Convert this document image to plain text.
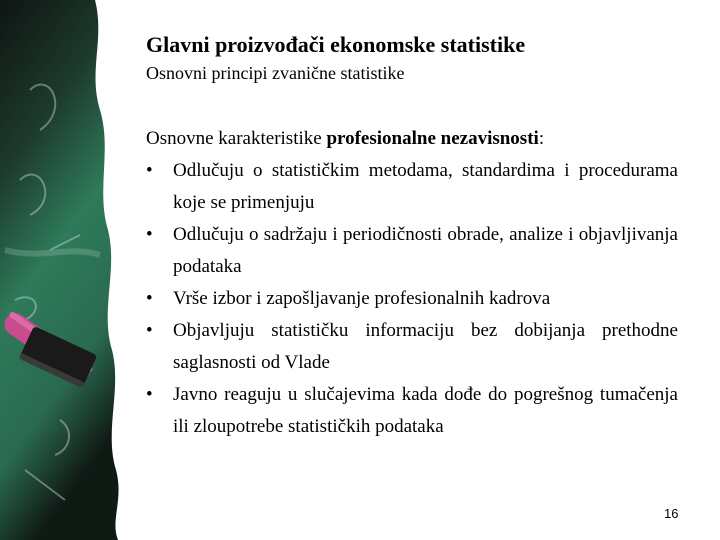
Glavni proizvođači ekonomske statistike
Osnovni principi zvanične statistike

Osnovne karakteristike profesionalne nezavisnosti:

• Odlučuju o statističkim metodama, standardima i procedurama koje se primenjuju
• Odlučuju o sadržaju i periodičnosti obrade, analize i objavljivanja podataka
• Vrše izbor i zapošljavanje profesionalnih kadrova
• Objavljuju statističku informaciju bez dobijanja prethodne saglasnosti od Vlade
• Javno reaguju u slučajevima kada dođe do pogrešnog tumačenja ili zloupotrebe statističkih podataka
16
